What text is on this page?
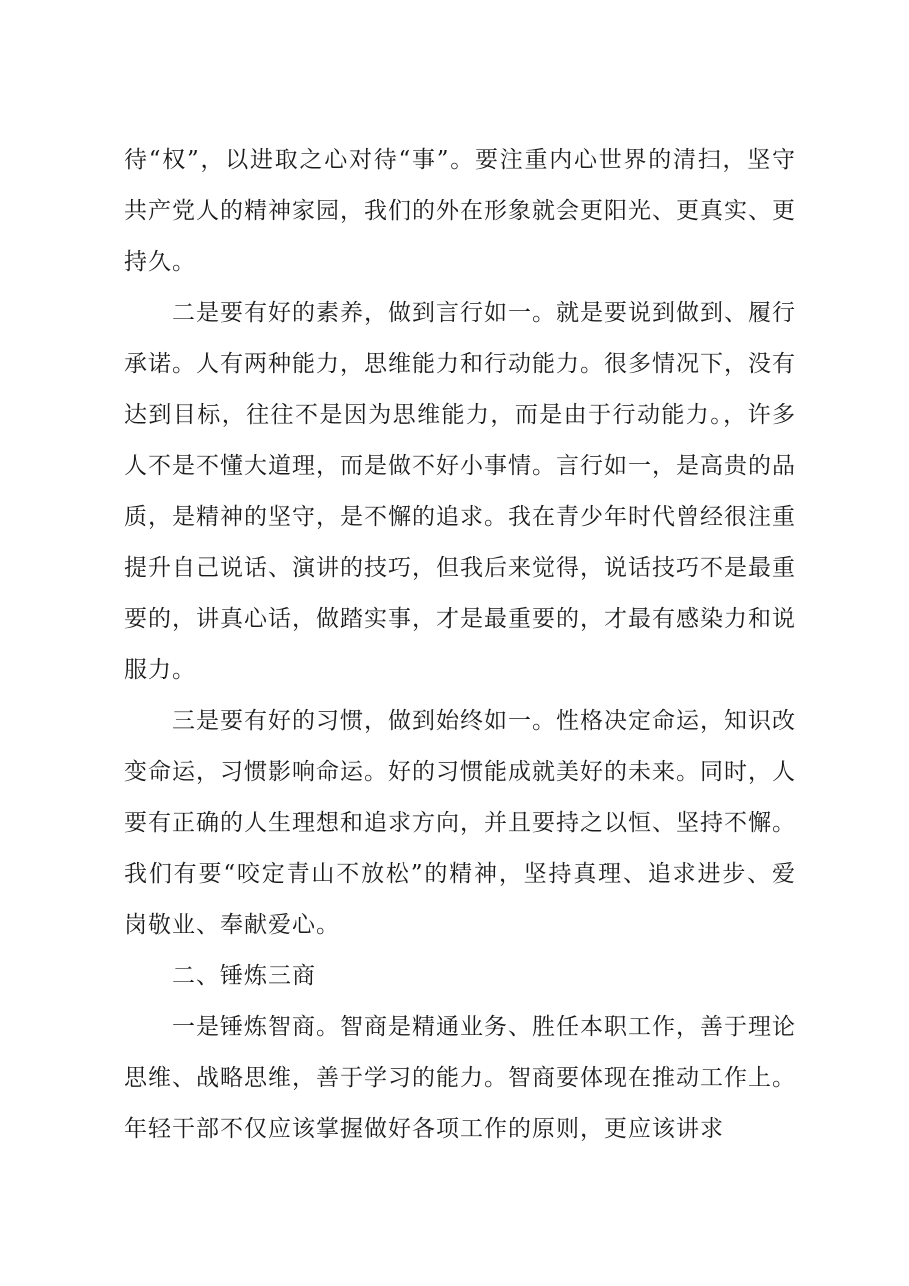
待“权”，以进取之心对待“事”。要注重内心世界的清扫，坚守共产党人的精神家园，我们的外在形象就会更阳光、更真实、更持久。

二是要有好的素养，做到言行如一。就是要说到做到、履行承诺。人有两种能力，思维能力和行动能力。很多情况下，没有达到目标，往往不是因为思维能力，而是由于行动能力。，许多人不是不懂大道理，而是做不好小事情。言行如一，是高贵的品质，是精神的坚守，是不懈的追求。我在青少年时代曾经很注重提升自己说话、演讲的技巧，但我后来觉得，说话技巧不是最重要的，讲真心话，做踏实事，才是最重要的，才最有感染力和说服力。

三是要有好的习惯，做到始终如一。性格决定命运，知识改变命运，习惯影响命运。好的习惯能成就美好的未来。同时，人要有正确的人生理想和追求方向，并且要持之以恒、坚持不懈。我们有要“咬定青山不放松”的精神，坚持真理、追求进步、爱岗敬业、奉献爱心。

二、锤炼三商

一是锤炼智商。智商是精通业务、胜任本职工作，善于理论思维、战略思维，善于学习的能力。智商要体现在推动工作上。年轻干部不仅应该掌握做好各项工作的原则，更应该讲求
